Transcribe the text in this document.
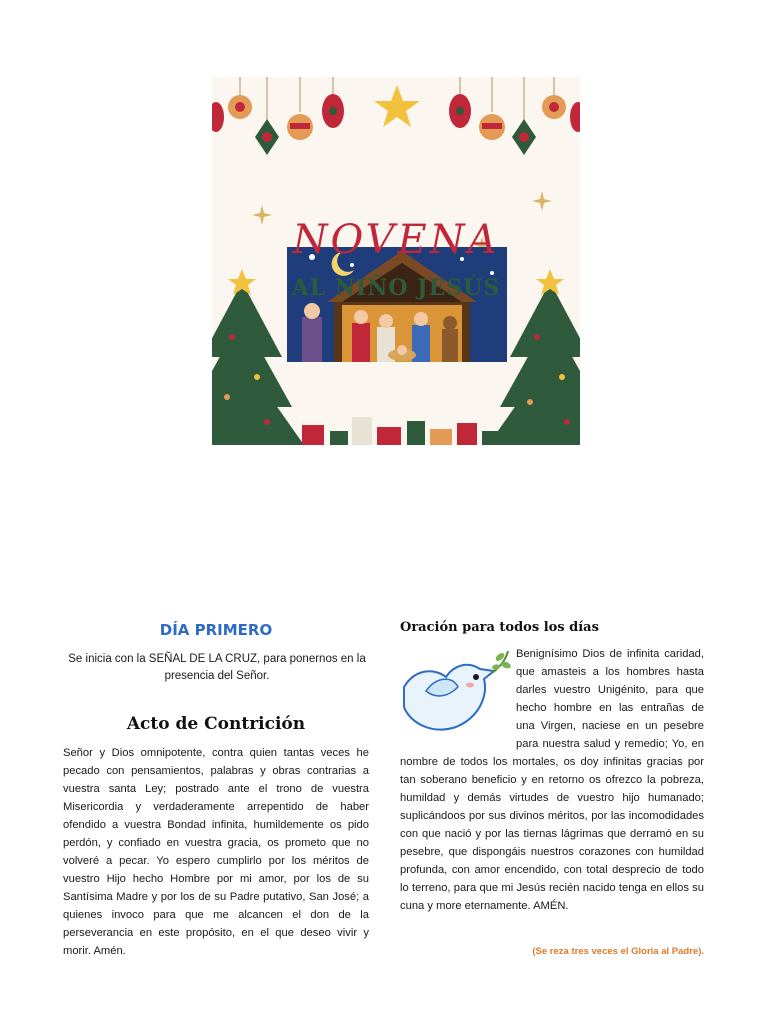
NOVENA
AL NIÑO JESÚS
DÍA PRIMERO
Se inicia con la SEÑAL DE LA CRUZ, para ponernos en la presencia del Señor.
Acto de Contrición

Señor y Dios omnipotente, contra quien tantas veces he pecado con pensamientos, palabras y obras contrarias a vuestra santa Ley; postrado ante el trono de vuestra Misericordia y verdaderamente arrepentido de haber ofendido a vuestra Bondad infinita, humildemente os pido perdón, y confiado en vuestra gracia, os prometo que no volveré a pecar. Yo espero cumplirlo por los méritos de vuestro Hijo hecho Hombre por mi amor, por los de su Santísima Madre y por los de su Padre putativo, San José; a quienes invoco para que me alcancen el don de la perseverancia en este propósito, en el que deseo vivir y morir. Amén.

Oración para todos los días

Benignísimo Dios de infinita caridad, que amasteis a los hombres hasta darles vuestro Unigénito, para que hecho hombre en las entrañas de una Virgen, naciese en un pesebre para nuestra salud y remedio; Yo, en nombre de todos los mortales, os doy infinitas gracias por tan soberano beneficio y en retorno os ofrezco la pobreza, humildad y demás virtudes de vuestro hijo humanado; suplicándoos por sus divinos méritos, por las incomodidades con que nació y por las tiernas lágrimas que derramó en su pesebre, que dispongáis nuestros corazones con humildad profunda, con amor encendido, con total desprecio de todo lo terreno, para que mi Jesús recién nacido tenga en ellos su cuna y more eternamente. AMÉN.

(Se reza tres veces el Gloria al Padre).
